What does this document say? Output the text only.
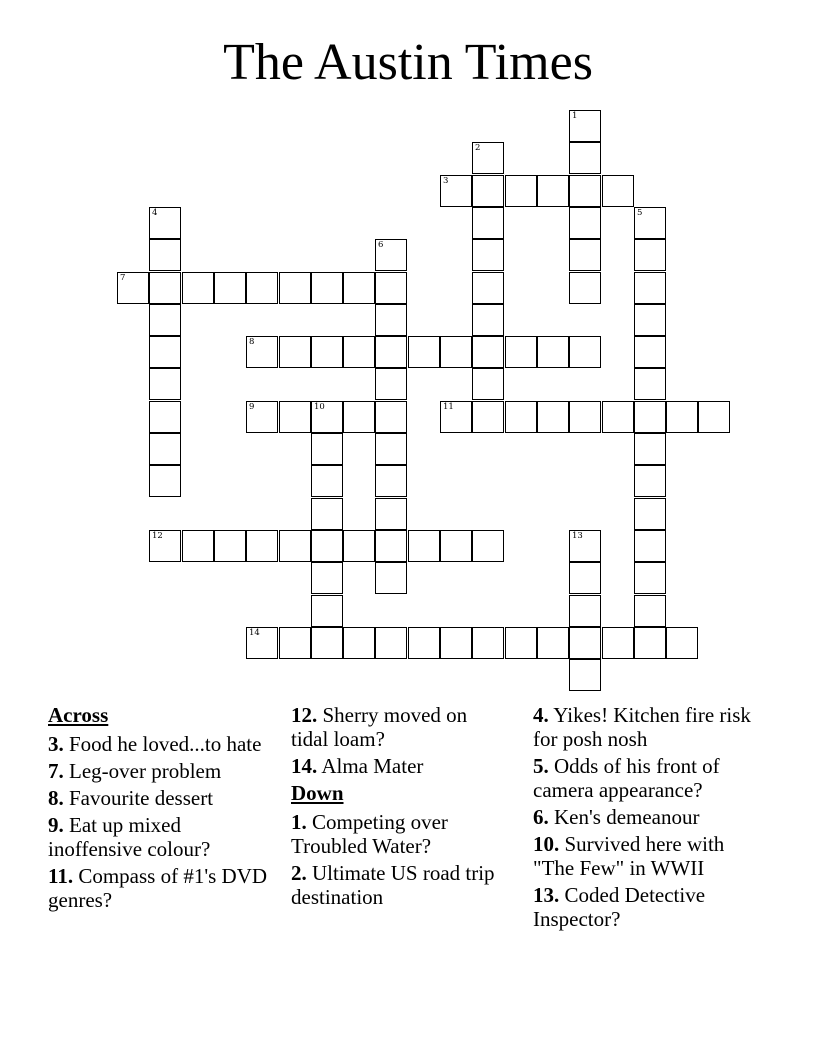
The Austin Times
1
2
3
4	5
6
7
8
9	10	11
12	13
14
Across
3. Food he loved...to hate
7. Leg-over problem
8. Favourite dessert
9. Eat up mixed inoffensive colour?
11. Compass of #1's DVD genres?
12. Sherry moved on tidal loam?
14. Alma Mater
Down
1. Competing over Troubled Water?
2. Ultimate US road trip destination
4. Yikes! Kitchen fire risk for posh nosh
5. Odds of his front of camera appearance?
6. Ken's demeanour
10. Survived here with "The Few" in WWII
13. Coded Detective Inspector?
